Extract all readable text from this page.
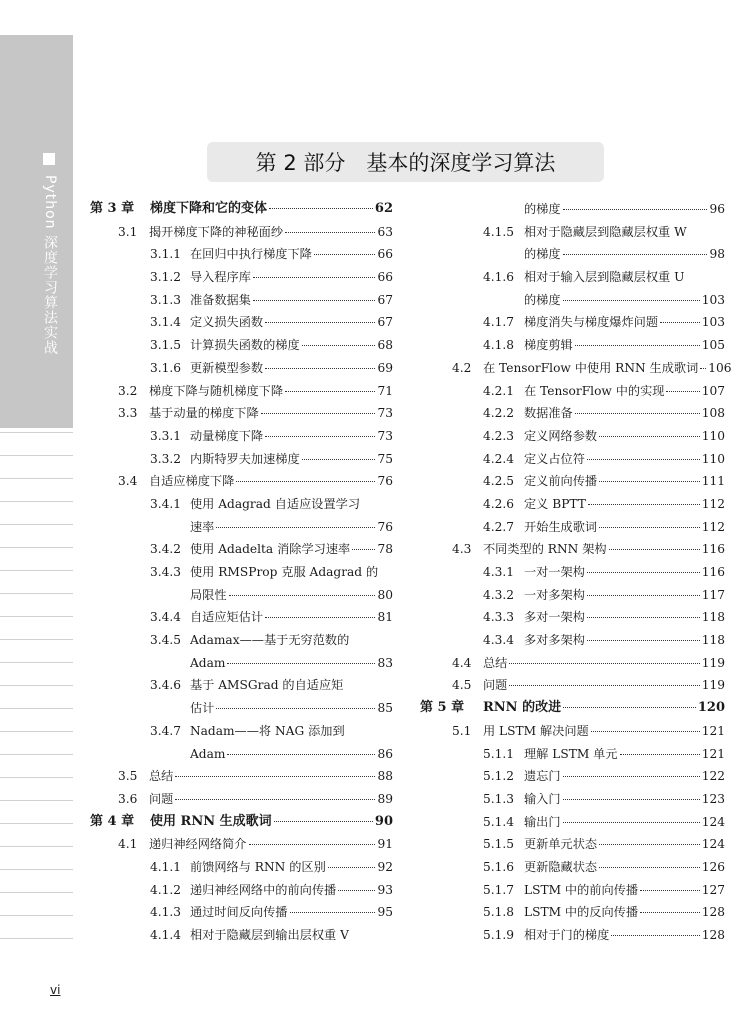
Python 深度学习算法实战
第 2 部分　基本的深度学习算法
第 3 章	梯度下降和它的变体	62
3.1 揭开梯度下降的神秘面纱	63
3.1.1 在回归中执行梯度下降	66
3.1.2 导入程序库	66
3.1.3 准备数据集	67
3.1.4 定义损失函数	67
3.1.5 计算损失函数的梯度	68
3.1.6 更新模型参数	69
3.2 梯度下降与随机梯度下降	71
3.3 基于动量的梯度下降	73
3.3.1 动量梯度下降	73
3.3.2 内斯特罗夫加速梯度	75
3.4 自适应梯度下降	76
3.4.1 使用 Adagrad 自适应设置学习
速率	76
3.4.2 使用 Adadelta 消除学习速率 78
3.4.3 使用 RMSProp 克服 Adagrad 的
局限性	80
3.4.4 自适应矩估计	81
3.4.5 Adamax——基于无穷范数的
Adam	83
3.4.6 基于 AMSGrad 的自适应矩
估计	85
3.4.7 Nadam——将 NAG 添加到
Adam	86
3.5 总结	88
3.6 问题	89
第 4 章	使用 RNN 生成歌词	90
4.1 递归神经网络简介	91
4.1.1 前馈网络与 RNN 的区别	92
4.1.2 递归神经网络中的前向传播	93
4.1.3 通过时间反向传播	95
4.1.4 相对于隐藏层到输出层权重 V
的梯度	96
4.1.5 相对于隐藏层到隐藏层权重 W
的梯度	98
4.1.6 相对于输入层到隐藏层权重 U
的梯度	103
4.1.7 梯度消失与梯度爆炸问题	103
4.1.8 梯度剪辑	105
4.2 在 TensorFlow 中使用 RNN 生成歌词 106
4.2.1 在 TensorFlow 中的实现	107
4.2.2 数据准备	108
4.2.3 定义网络参数	110
4.2.4 定义占位符	110
4.2.5 定义前向传播	111
4.2.6 定义 BPTT	112
4.2.7 开始生成歌词	112
4.3 不同类型的 RNN 架构	116
4.3.1 一对一架构	116
4.3.2 一对多架构	117
4.3.3 多对一架构	118
4.3.4 多对多架构	118
4.4 总结	119
4.5 问题	119
第 5 章	RNN 的改进	120
5.1 用 LSTM 解决问题	121
5.1.1 理解 LSTM 单元	121
5.1.2 遗忘门	122
5.1.3 输入门	123
5.1.4 输出门	124
5.1.5 更新单元状态	124
5.1.6 更新隐藏状态	126
5.1.7 LSTM 中的前向传播	127
5.1.8 LSTM 中的反向传播	128
5.1.9 相对于门的梯度	128
vi
